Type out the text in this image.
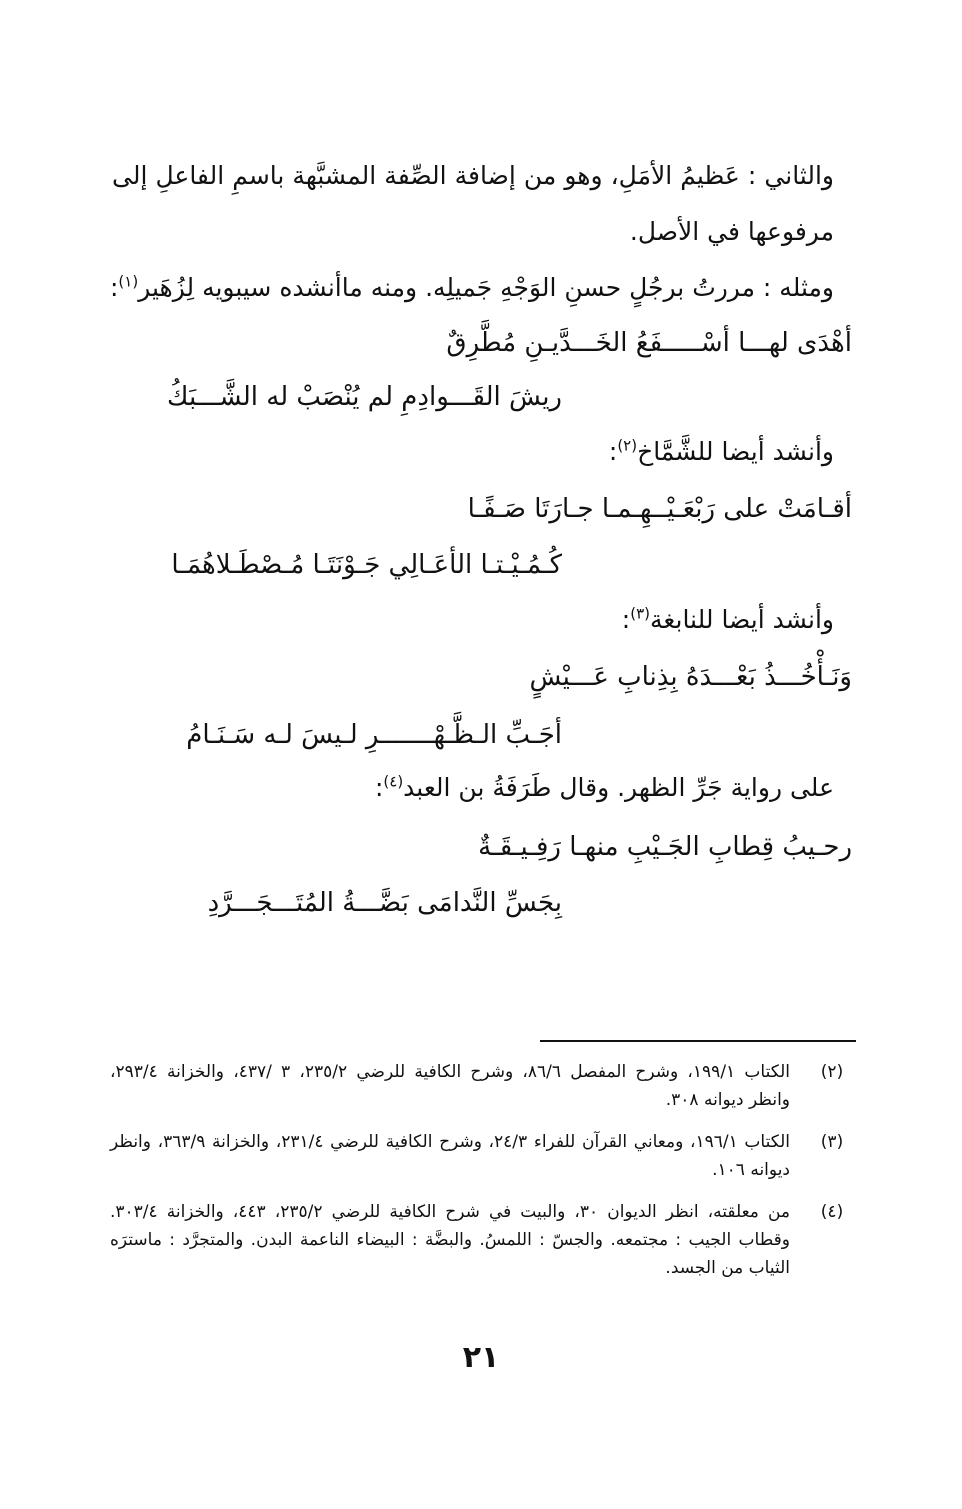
والثاني : عَظيمُ الأمَلِ، وهو من إضافة الصِّفة المشبَّهة باسمِ الفاعلِ إلى
مرفوعها في الأصل.
ومثله : مررتُ برجُلٍ حسنِ الوَجْهِ جَميلِه. ومنه ماأنشده سيبويه لِزُهَير$^{(١)}$:
أهْدَى لهـــا أسْـــــفَعُ الخَـــدَّيـنِ مُطَّرِقٌ
ريشَ القَـــوادِمِ لم يُنْصَبْ له الشَّـــبَكُ
وأنشد أيضا للشَّمَّاخ$^{(٢)}$:
أقـامَتْ على رَبْعَـيْــهِـمـا جـارَتَا صَـفًـا
كُـمُـيْـتـا الأعَـالِي جَـوْنَتَـا مُـصْطَـلاهُمَـا
وأنشد أيضا للنابغة$^{(٣)}$:
وَنَـأْخُـــذُ بَعْـــدَهُ بِذِنابِ عَـــيْشٍ
أجَـبِّ الـظَّـهْـــــــرِ لـيسَ لـه سَـنَـامُ
على رواية جَرِّ الظهر. وقال طَرَفَةُ بن العبد$^{(٤)}$:
رحـيبُ قِطابِ الجَـيْبِ منهـا رَفِـيـقَـةٌ
بِجَسِّ النَّدامَى بَضَّـــةُ المُتَـــجَـــرَّدِ
(٢)
الكتاب ١٩٩/١، وشرح المفصل ٨٦/٦، وشرح الكافية للرضي ٢٣٥/٢، ٣ /٤٣٧، والخزانة ٢٩٣/٤، وانظر ديوانه ٣٠٨.
(٣)
الكتاب ١٩٦/١، ومعاني القرآن للفراء ٢٤/٣، وشرح الكافية للرضي ٢٣١/٤، والخزانة ٣٦٣/٩، وانظر ديوانه ١٠٦.
(٤)
من معلقته، انظر الديوان ٣٠، والبيت في شرح الكافية للرضي ٢٣٥/٢، ٤٤٣، والخزانة ٣٠٣/٤. وقطاب الجيب : مجتمعه. والجسّ : اللمسُ. والبضَّة : البيضاء الناعمة البدن. والمتجرَّد : ماسترَه الثياب من الجسد.
٢١
